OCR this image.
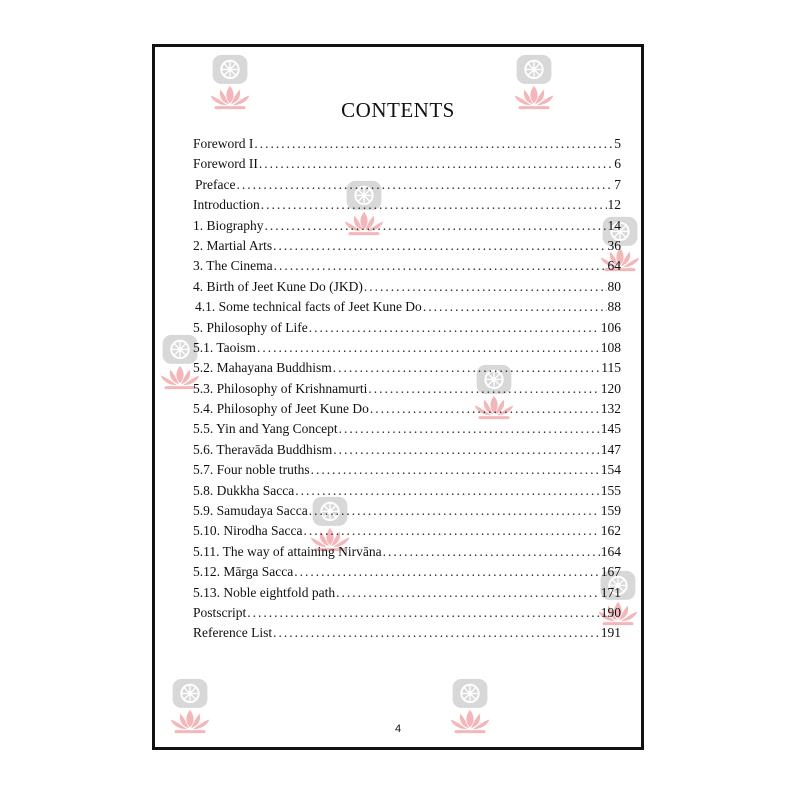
CONTENTS
Foreword I .....	5
Foreword II .....	6
Preface .....	7
Introduction .....	12
1. Biography .....	14
2. Martial Arts .....	36
3. The Cinema .....	64
4. Birth of Jeet Kune Do (JKD) .....	80
4.1. Some technical facts of Jeet Kune Do .....	88
5. Philosophy of Life .....	106
5.1. Taoism .....	108
5.2. Mahayana Buddhism .....	115
5.3. Philosophy of Krishnamurti .....	120
5.4. Philosophy of Jeet Kune Do .....	132
5.5. Yin and Yang Concept .....	145
5.6. Theravāda Buddhism .....	147
5.7. Four noble truths .....	154
5.8. Dukkha Sacca .....	155
5.9. Samudaya Sacca .....	159
5.10. Nirodha Sacca .....	162
5.11. The way of attaining Nirvāna .....	164
5.12. Mārga Sacca .....	167
5.13. Noble eightfold path .....	171
Postscript .....	190
Reference List .....	191
4
